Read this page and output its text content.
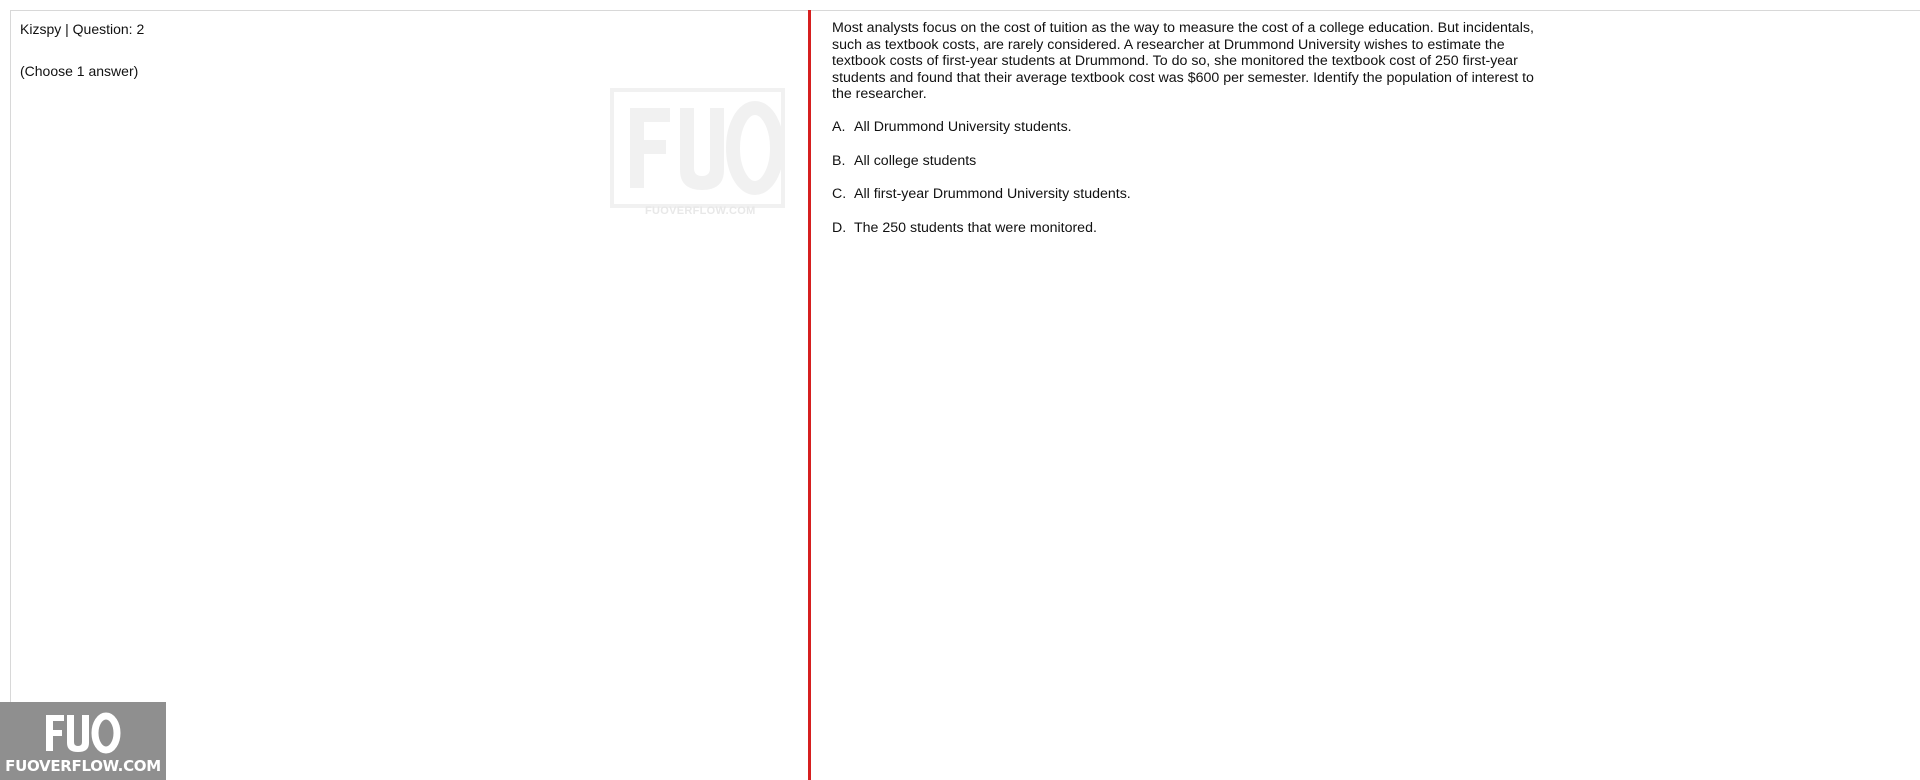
Kizspy | Question: 2
(Choose 1 answer)
FUOVERFLOW.COM
Most analysts focus on the cost of tuition as the way to measure the cost of a college education. But incidentals, such as textbook costs, are rarely considered. A researcher at Drummond University wishes to estimate the textbook costs of first-year students at Drummond. To do so, she monitored the textbook cost of 250 first-year students and found that their average textbook cost was $600 per semester. Identify the population of interest to the researcher.
A. All Drummond University students.
B. All college students
C. All first-year Drummond University students.
D. The 250 students that were monitored.
FUOVERFLOW.COM
